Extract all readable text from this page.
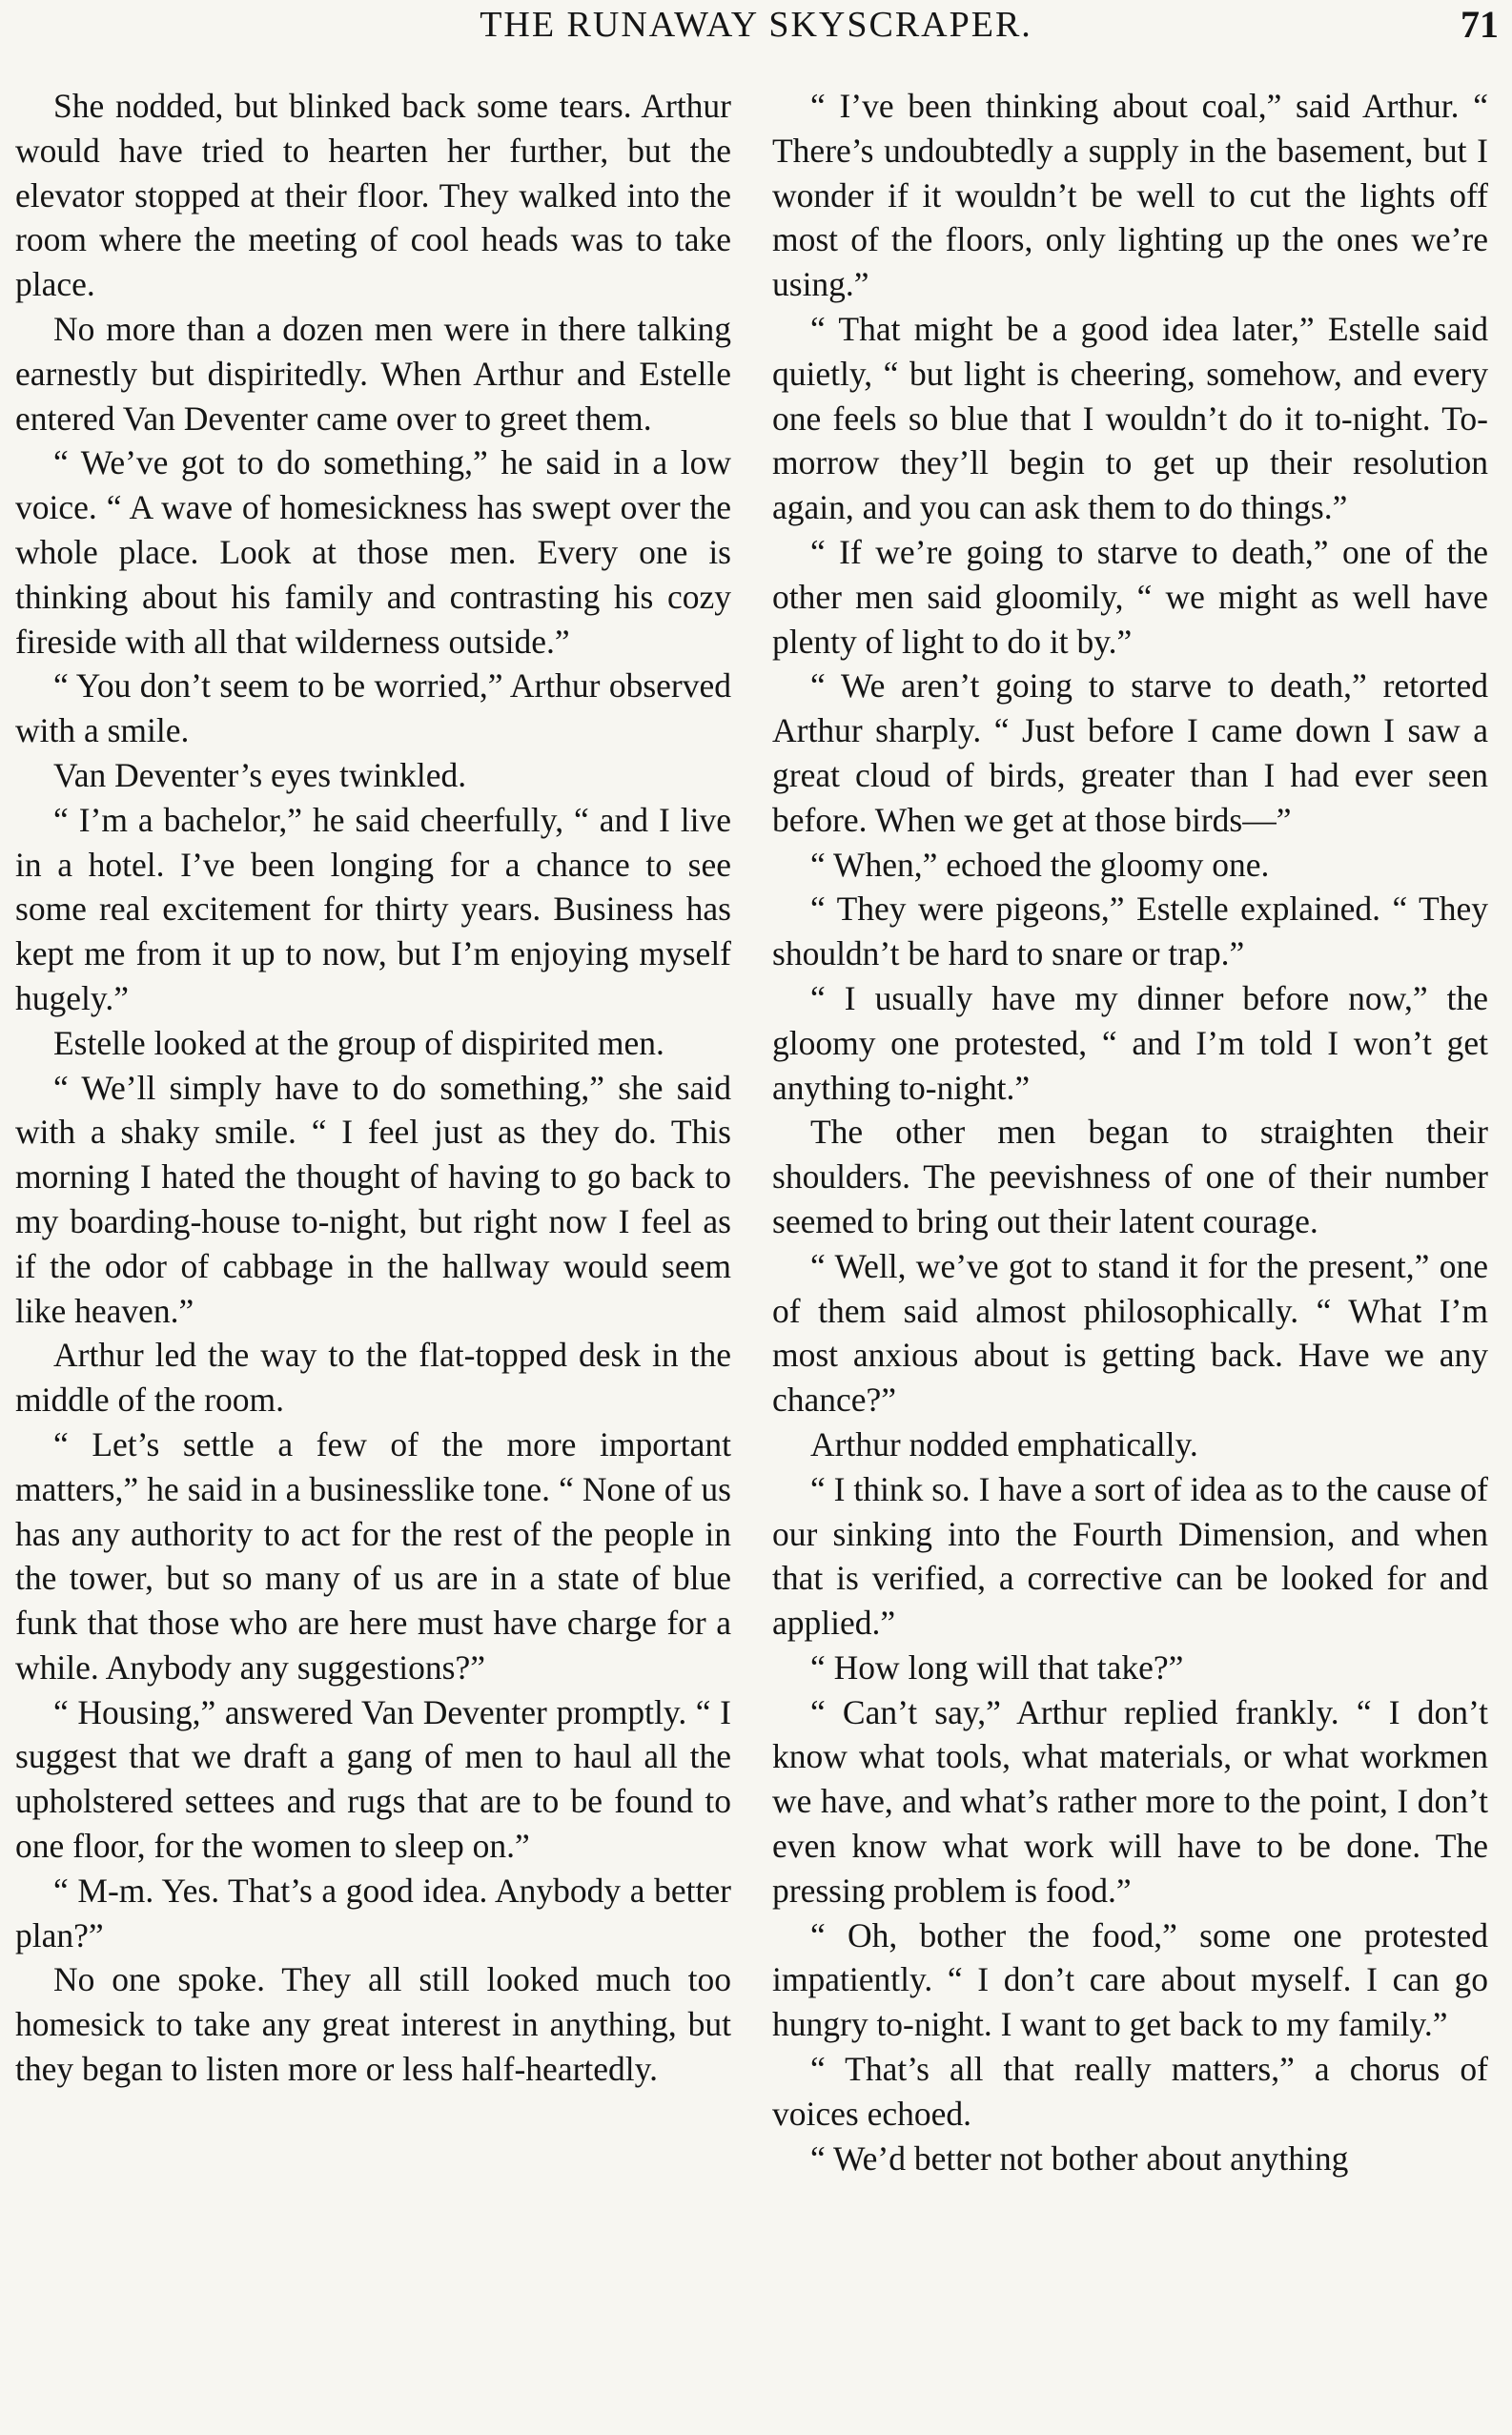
THE RUNAWAY SKYSCRAPER.	71

She nodded, but blinked back some tears. Arthur would have tried to hearten her further, but the elevator stopped at their floor. They walked into the room where the meeting of cool heads was to take place.

No more than a dozen men were in there talking earnestly but dispiritedly. When Arthur and Estelle entered Van Deventer came over to greet them.

“ We’ve got to do something,” he said in a low voice. “ A wave of homesickness has swept over the whole place. Look at those men. Every one is thinking about his family and contrasting his cozy fireside with all that wilderness outside.”

“ You don’t seem to be worried,” Arthur observed with a smile.

Van Deventer’s eyes twinkled.

“ I’m a bachelor,” he said cheerfully, “ and I live in a hotel. I’ve been longing for a chance to see some real excitement for thirty years. Business has kept me from it up to now, but I’m enjoying myself hugely.”

Estelle looked at the group of dispirited men.

“ We’ll simply have to do something,” she said with a shaky smile. “ I feel just as they do. This morning I hated the thought of having to go back to my boarding-house to-night, but right now I feel as if the odor of cabbage in the hallway would seem like heaven.”

Arthur led the way to the flat-topped desk in the middle of the room.

“ Let’s settle a few of the more important matters,” he said in a businesslike tone. “ None of us has any authority to act for the rest of the people in the tower, but so many of us are in a state of blue funk that those who are here must have charge for a while. Anybody any suggestions?”

“ Housing,” answered Van Deventer promptly. “ I suggest that we draft a gang of men to haul all the upholstered settees and rugs that are to be found to one floor, for the women to sleep on.”

“ M-m. Yes. That’s a good idea. Anybody a better plan?”

No one spoke. They all still looked much too homesick to take any great interest in anything, but they began to listen more or less half-heartedly.

“ I’ve been thinking about coal,” said Arthur. “ There’s undoubtedly a supply in the basement, but I wonder if it wouldn’t be well to cut the lights off most of the floors, only lighting up the ones we’re using.”

“ That might be a good idea later,” Estelle said quietly, “ but light is cheering, somehow, and every one feels so blue that I wouldn’t do it to-night. To-morrow they’ll begin to get up their resolution again, and you can ask them to do things.”

“ If we’re going to starve to death,” one of the other men said gloomily, “ we might as well have plenty of light to do it by.”

“ We aren’t going to starve to death,” retorted Arthur sharply. “ Just before I came down I saw a great cloud of birds, greater than I had ever seen before. When we get at those birds—”

“ When,” echoed the gloomy one.

“ They were pigeons,” Estelle explained. “ They shouldn’t be hard to snare or trap.”

“ I usually have my dinner before now,” the gloomy one protested, “ and I’m told I won’t get anything to-night.”

The other men began to straighten their shoulders. The peevishness of one of their number seemed to bring out their latent courage.

“ Well, we’ve got to stand it for the present,” one of them said almost philosophically. “ What I’m most anxious about is getting back. Have we any chance?”

Arthur nodded emphatically.

“ I think so. I have a sort of idea as to the cause of our sinking into the Fourth Dimension, and when that is verified, a corrective can be looked for and applied.”

“ How long will that take?”

“ Can’t say,” Arthur replied frankly. “ I don’t know what tools, what materials, or what workmen we have, and what’s rather more to the point, I don’t even know what work will have to be done. The pressing problem is food.”

“ Oh, bother the food,” some one protested impatiently. “ I don’t care about myself. I can go hungry to-night. I want to get back to my family.”

“ That’s all that really matters,” a chorus of voices echoed.

“ We’d better not bother about anything
